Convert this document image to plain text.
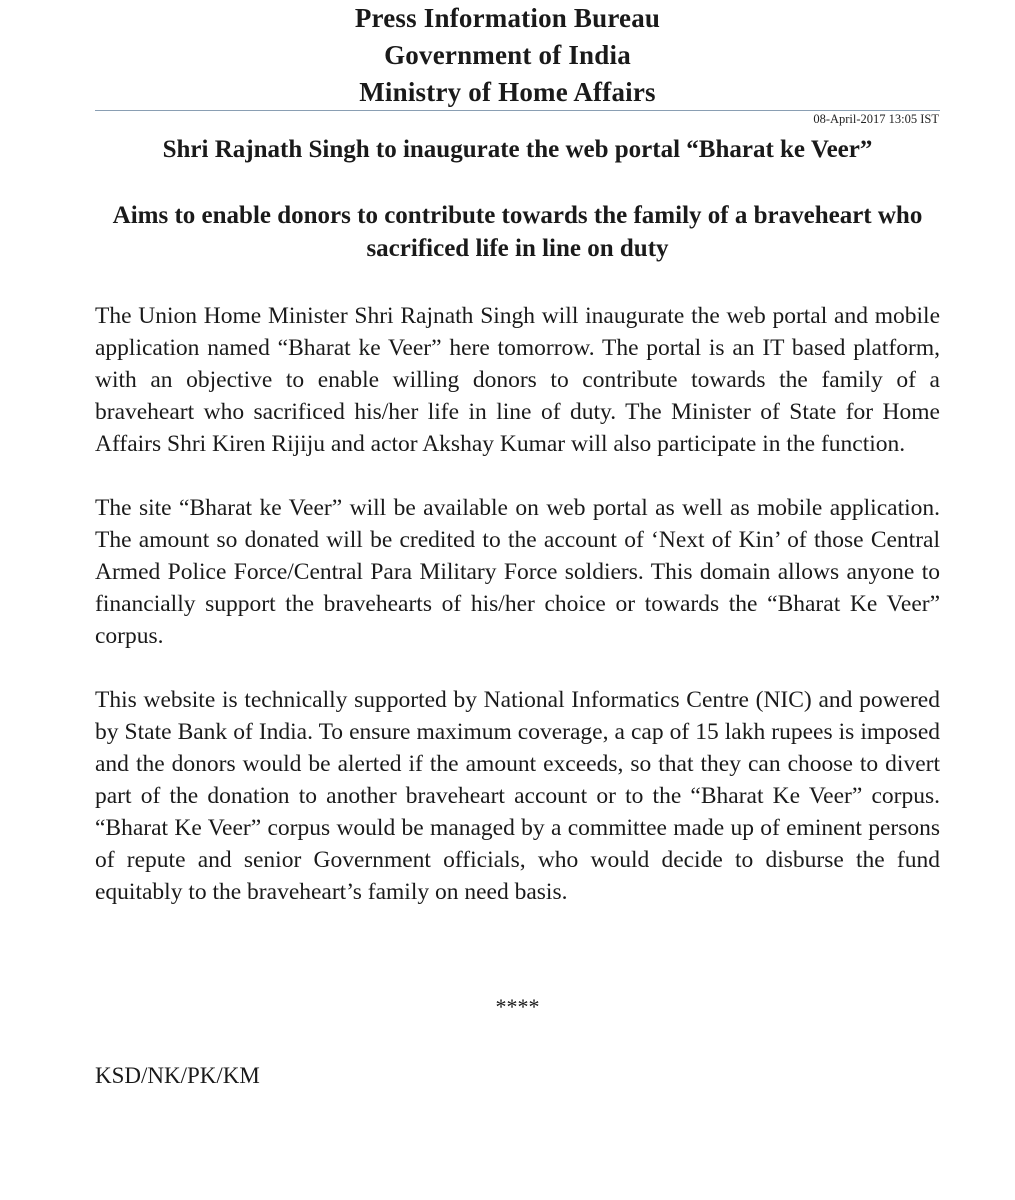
Press Information Bureau
Government of India
Ministry of Home Affairs
08-April-2017 13:05 IST
Shri Rajnath Singh to inaugurate the web portal “Bharat ke Veer”
Aims to enable donors to contribute towards the family of a braveheart who sacrificed life in line on duty

The Union Home Minister Shri Rajnath Singh will inaugurate the web portal and mobile application named “Bharat ke Veer” here tomorrow. The portal is an IT based platform, with an objective to enable willing donors to contribute towards the family of a braveheart who sacrificed his/her life in line of duty. The Minister of State for Home Affairs Shri Kiren Rijiju and actor Akshay Kumar will also participate in the function.

The site “Bharat ke Veer” will be available on web portal as well as mobile application. The amount so donated will be credited to the account of ‘Next of Kin’ of those Central Armed Police Force/Central Para Military Force soldiers. This domain allows anyone to financially support the bravehearts of his/her choice or towards the “Bharat Ke Veer” corpus.

This website is technically supported by National Informatics Centre (NIC) and powered by State Bank of India. To ensure maximum coverage, a cap of 15 lakh rupees is imposed and the donors would be alerted if the amount exceeds, so that they can choose to divert part of the donation to another braveheart account or to the “Bharat Ke Veer” corpus. “Bharat Ke Veer” corpus would be managed by a committee made up of eminent persons of repute and senior Government officials, who would decide to disburse the fund equitably to the braveheart’s family on need basis.

****
KSD/NK/PK/KM
